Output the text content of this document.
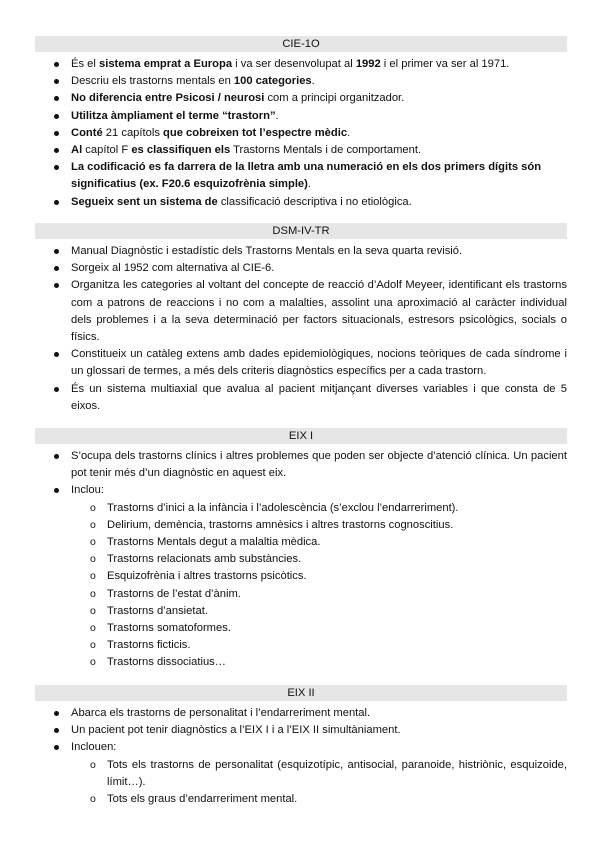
CIE-1O
És el sistema emprat a Europa i va ser desenvolupat al 1992 i el primer va ser al 1971.
Descriu els trastorns mentals en 100 categories.
No diferencia entre Psicosi / neurosi com a principi organitzador.
Utilitza àmpliament el terme “trastorn”.
Conté 21 capítols que cobreixen tot l’espectre mèdic.
Al capítol F es classifiquen els Trastorns Mentals i de comportament.
La codificació es fa darrera de la lletra amb una numeració en els dos primers dígits són significatius (ex. F20.6 esquizofrènia simple).
Segueix sent un sistema de classificació descriptiva i no etiològica.
DSM-IV-TR
Manual Diagnòstic i estadístic dels Trastorns Mentals en la seva quarta revisió.
Sorgeix al 1952 com alternativa al CIE-6.
Organitza les categories al voltant del concepte de reacció d’Adolf Meyeer, identificant els trastorns com a patrons de reaccions i no com a malalties, assolint una aproximació al caràcter individual dels problemes i a la seva determinació per factors situacionals, estresors psicològics, socials o físics.
Constitueix un catàleg extens amb dades epidemiològiques, nocions teòriques de cada síndrome i un glossari de termes, a més dels criteris diagnòstics específics per a cada trastorn.
És un sistema multiaxial que avalua al pacient mitjançant diverses variables i que consta de 5 eixos.
EIX I
S’ocupa dels trastorns clínics i altres problemes que poden ser objecte d’atenció clínica. Un pacient pot tenir més d’un diagnòstic en aquest eix.
Inclou:
o Trastorns d’inici a la infància i l’adolescència (s’exclou l’endarreriment).
o Delirium, demència, trastorns amnèsics i altres trastorns cognoscitius.
o Trastorns Mentals degut a malaltia mèdica.
o Trastorns relacionats amb substàncies.
o Esquizofrènia i altres trastorns psicòtics.
o Trastorns de l’estat d’ànim.
o Trastorns d’ansietat.
o Trastorns somatoformes.
o Trastorns ficticis.
o Trastorns dissociatius…
EIX II
Abarca els trastorns de personalitat i l’endarreriment mental.
Un pacient pot tenir diagnòstics a l’EIX I i a l’EIX II simultàniament.
Inclouen:
o Tots els trastorns de personalitat (esquizotípic, antisocial, paranoide, histriònic, esquizoide, límit…).
o Tots els graus d’endarreriment mental.
